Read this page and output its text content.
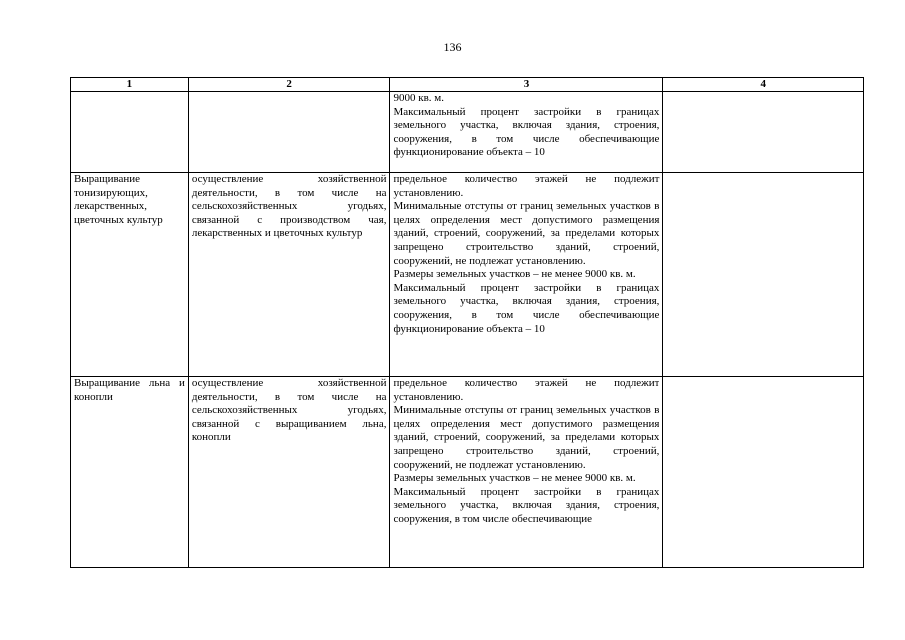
136
1	2	3	4

		9000 кв. м.
Максимальный процент застройки в границах земельного участка, включая здания, строения, сооружения, в том числе обеспечивающие функционирование объекта – 10	

Выращивание тонизирующих, лекарственных, цветочных культур	осуществление хозяйственной деятельности, в том числе на сельскохозяйственных угодьях, связанной с производством чая, лекарственных и цветочных культур	предельное количество этажей не подлежит установлению.
Минимальные отступы от границ земельных участков в целях определения мест допустимого размещения зданий, строений, сооружений, за пределами которых запрещено строительство зданий, строений, сооружений, не подлежат установлению.
Размеры земельных участков – не менее 9000 кв. м.
Максимальный процент застройки в границах земельного участка, включая здания, строения, сооружения, в том числе обеспечивающие функционирование объекта – 10	

Выращивание льна и конопли	осуществление хозяйственной деятельности, в том числе на сельскохозяйственных угодьях, связанной с выращиванием льна, конопли	предельное количество этажей не подлежит установлению.
Минимальные отступы от границ земельных участков в целях определения мест допустимого размещения зданий, строений, сооружений, за пределами которых запрещено строительство зданий, строений, сооружений, не подлежат установлению.
Размеры земельных участков – не менее 9000 кв. м.
Максимальный процент застройки в границах земельного участка, включая здания, строения, сооружения, в том числе обеспечивающие	
